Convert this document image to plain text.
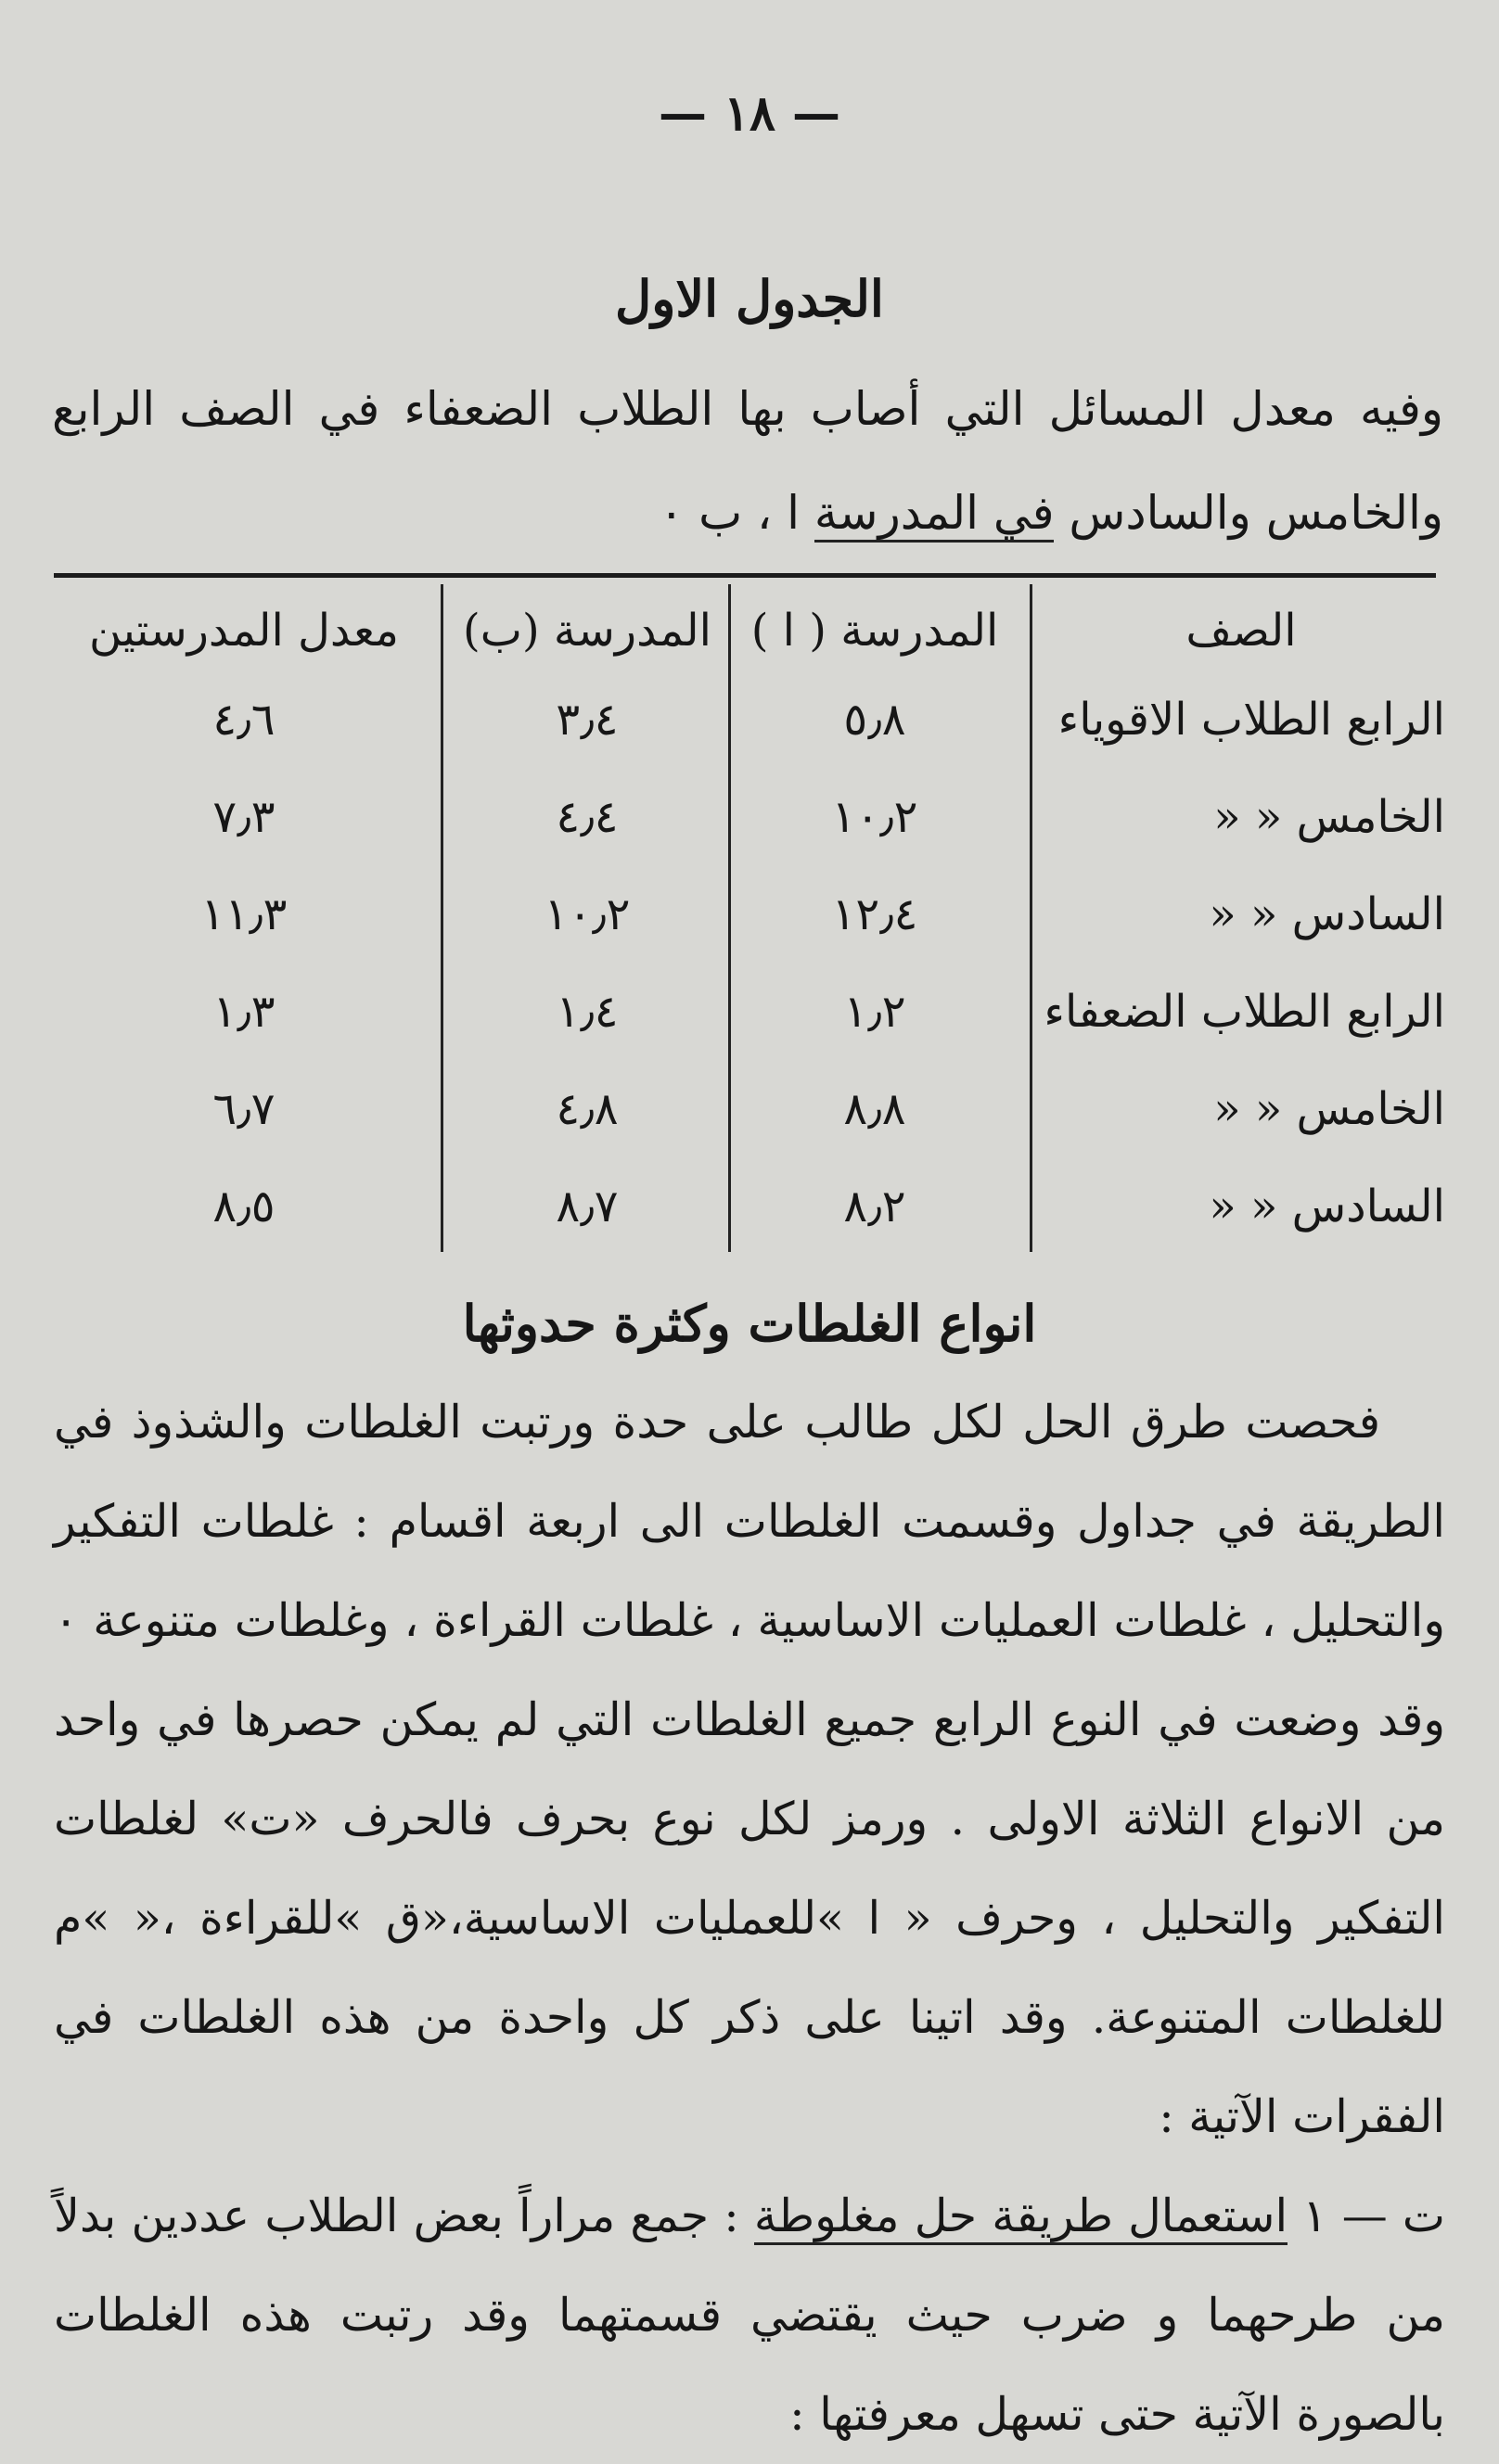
— ١٨ —
الجدول الاول
وفيه معدل المسائل التي أصاب بها الطلاب الضعفاء في الصف الرابع والخامس والسادس في المدرسة ا ، ب ٠
الصف
المدرسة ( ا )
المدرسة (ب)
معدل المدرستين
الرابع الطلاب الاقوياء
٥٫٨
٣٫٤
٤٫٦
الخامس « «
١٠٫٢
٤٫٤
٧٫٣
السادس « «
١٢٫٤
١٠٫٢
١١٫٣
الرابع الطلاب الضعفاء
١٫٢
١٫٤
١٫٣
الخامس « «
٨٫٨
٤٫٨
٦٫٧
السادس « «
٨٫٢
٨٫٧
٨٫٥
انواع الغلطات وكثرة حدوثها

فحصت طرق الحل لكل طالب على حدة ورتبت الغلطات والشذوذ في الطريقة في جداول وقسمت الغلطات الى اربعة اقسام : غلطات التفكير والتحليل ، غلطات العمليات الاساسية ، غلطات القراءة ، وغلطات متنوعة ٠ وقد وضعت في النوع الرابع جميع الغلطات التي لم يمكن حصرها في واحد من الانواع الثلاثة الاولى . ورمز لكل نوع بحرف فالحرف «ت» لغلطات التفكير والتحليل ، وحرف « ا »للعمليات الاساسية،«ق »للقراءة ،« »م للغلطات المتنوعة. وقد اتينا على ذكر كل واحدة من هذه الغلطات في الفقرات الآتية :

ت — ١ استعمال طريقة حل مغلوطة : جمع مراراً بعض الطلاب عددين بدلاً من طرحهما و ضرب حيث يقتضي قسمتهما وقد رتبت هذه الغلطات بالصورة الآتية حتى تسهل معرفتها :
